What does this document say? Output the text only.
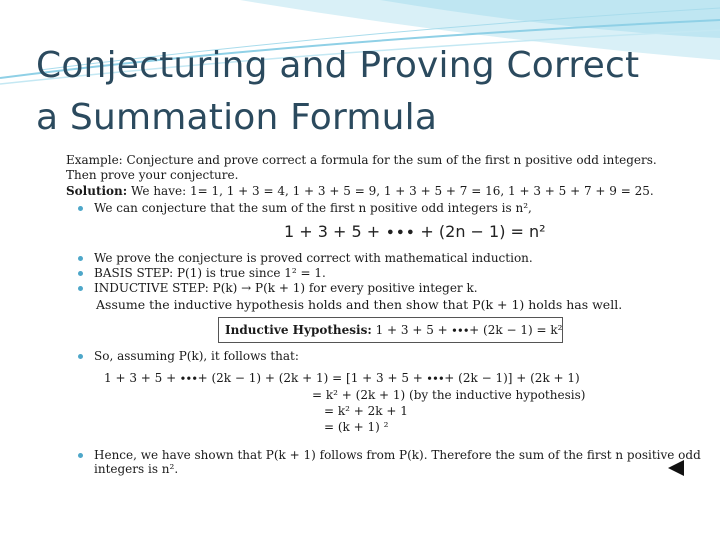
Conjecturing and Proving Correct
a Summation Formula
Example: Conjecture and prove correct a formula for the sum of the first n positive odd integers.
Then prove your conjecture.
Solution: We have: 1= 1, 1 + 3 = 4, 1 + 3 + 5 = 9, 1 + 3 + 5 + 7 = 16, 1 + 3 + 5 + 7 + 9 = 25.
We can conjecture that the sum of the first n positive odd integers is n²,
1 + 3 + 5 + ∙∙∙ + (2n − 1) = n²
We prove the conjecture is proved correct with mathematical induction.
BASIS STEP: P(1) is true since 1² = 1.
INDUCTIVE STEP: P(k) → P(k + 1) for every positive integer k.
Assume the inductive hypothesis holds and then show that P(k + 1) holds has well.
Inductive Hypothesis: 1 + 3 + 5 + ∙∙∙+ (2k − 1) = k²
So, assuming P(k), it follows that:
1 + 3 + 5 + ∙∙∙+ (2k − 1) + (2k + 1) = [1 + 3 + 5 + ∙∙∙+ (2k − 1)] + (2k + 1)
= k² + (2k + 1) (by the inductive hypothesis)
= k² + 2k + 1
= (k + 1) ²
Hence, we have shown that P(k + 1) follows from P(k). Therefore the sum of the first n positive odd
integers is n².
